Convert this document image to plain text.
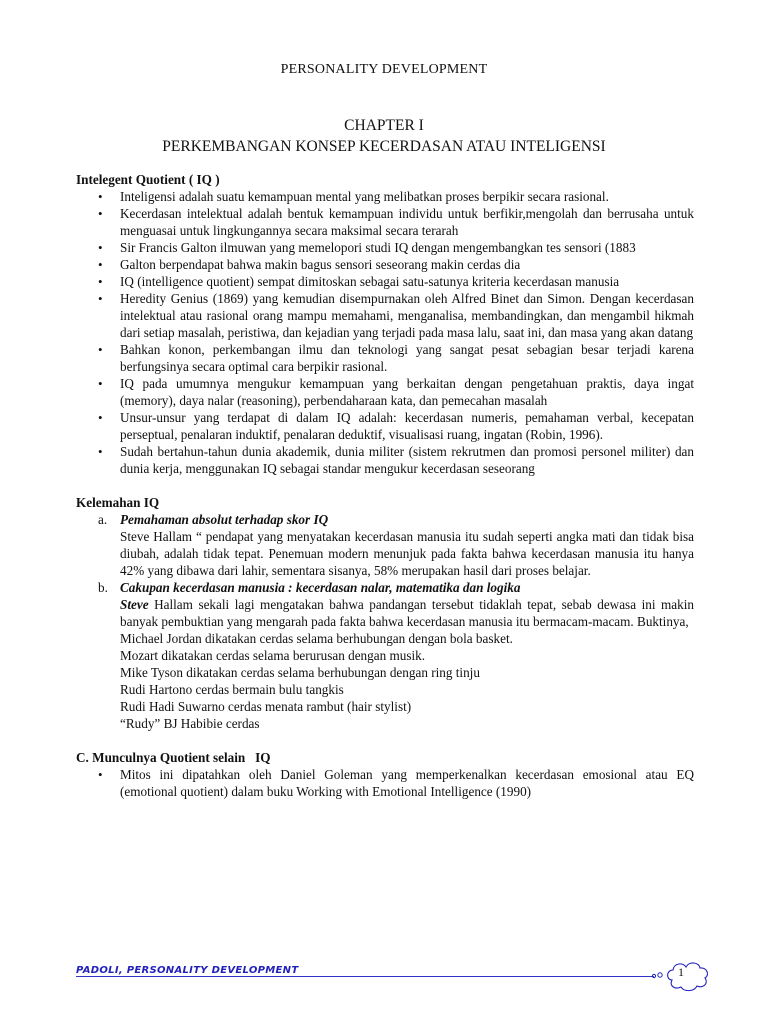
PERSONALITY DEVELOPMENT
CHAPTER I
PERKEMBANGAN KONSEP KECERDASAN ATAU INTELIGENSI

Intelegent Quotient ( IQ )

• Inteligensi adalah suatu kemampuan mental yang melibatkan proses berpikir secara rasional.
• Kecerdasan intelektual adalah bentuk kemampuan individu untuk berfikir,mengolah dan berrusaha untuk menguasai untuk lingkungannya secara maksimal secara terarah
• Sir Francis Galton ilmuwan yang memelopori studi IQ dengan mengembangkan tes sensori (1883
• Galton berpendapat bahwa makin bagus sensori seseorang makin cerdas dia
• IQ (intelligence quotient) sempat dimitoskan sebagai satu-satunya kriteria kecerdasan manusia
• Heredity Genius (1869) yang kemudian disempurnakan oleh Alfred Binet dan Simon. Dengan kecerdasan intelektual atau rasional orang mampu memahami, menganalisa, membandingkan, dan mengambil hikmah dari setiap masalah, peristiwa, dan kejadian yang terjadi pada masa lalu, saat ini, dan masa yang akan datang
• Bahkan konon, perkembangan ilmu dan teknologi yang sangat pesat sebagian besar terjadi karena berfungsinya secara optimal cara berpikir rasional.
• IQ pada umumnya mengukur kemampuan yang berkaitan dengan pengetahuan praktis, daya ingat (memory), daya nalar (reasoning), perbendaharaan kata, dan pemecahan masalah
• Unsur-unsur yang terdapat di dalam IQ adalah: kecerdasan numeris, pemahaman verbal, kecepatan perseptual, penalaran induktif, penalaran deduktif, visualisasi ruang, ingatan (Robin, 1996).
• Sudah bertahun-tahun dunia akademik, dunia militer (sistem rekrutmen dan promosi personel militer) dan dunia kerja, menggunakan IQ sebagai standar mengukur kecerdasan seseorang

Kelemahan IQ

a. Pemahaman absolut terhadap skor IQ
Steve Hallam “ pendapat yang menyatakan kecerdasan manusia itu sudah seperti angka mati dan tidak bisa diubah, adalah tidak tepat. Penemuan modern menunjuk pada fakta bahwa kecerdasan manusia itu hanya 42% yang dibawa dari lahir, sementara sisanya, 58% merupakan hasil dari proses belajar.
b. Cakupan kecerdasan manusia : kecerdasan nalar, matematika dan logika
Steve Hallam sekali lagi mengatakan bahwa pandangan tersebut tidaklah tepat, sebab dewasa ini makin banyak pembuktian yang mengarah pada fakta bahwa kecerdasan manusia itu bermacam-macam. Buktinya,
Michael Jordan dikatakan cerdas selama berhubungan dengan bola basket.
Mozart dikatakan cerdas selama berurusan dengan musik.
Mike Tyson dikatakan cerdas selama berhubungan dengan ring tinju
Rudi Hartono cerdas bermain bulu tangkis
Rudi Hadi Suwarno cerdas menata rambut (hair stylist)
“Rudy” BJ Habibie cerdas

C. Munculnya Quotient selain   IQ

• Mitos ini dipatahkan oleh Daniel Goleman yang memperkenalkan kecerdasan emosional atau EQ (emotional quotient) dalam buku Working with Emotional Intelligence (1990)
PADOLI, PERSONALITY DEVELOPMENT	1
